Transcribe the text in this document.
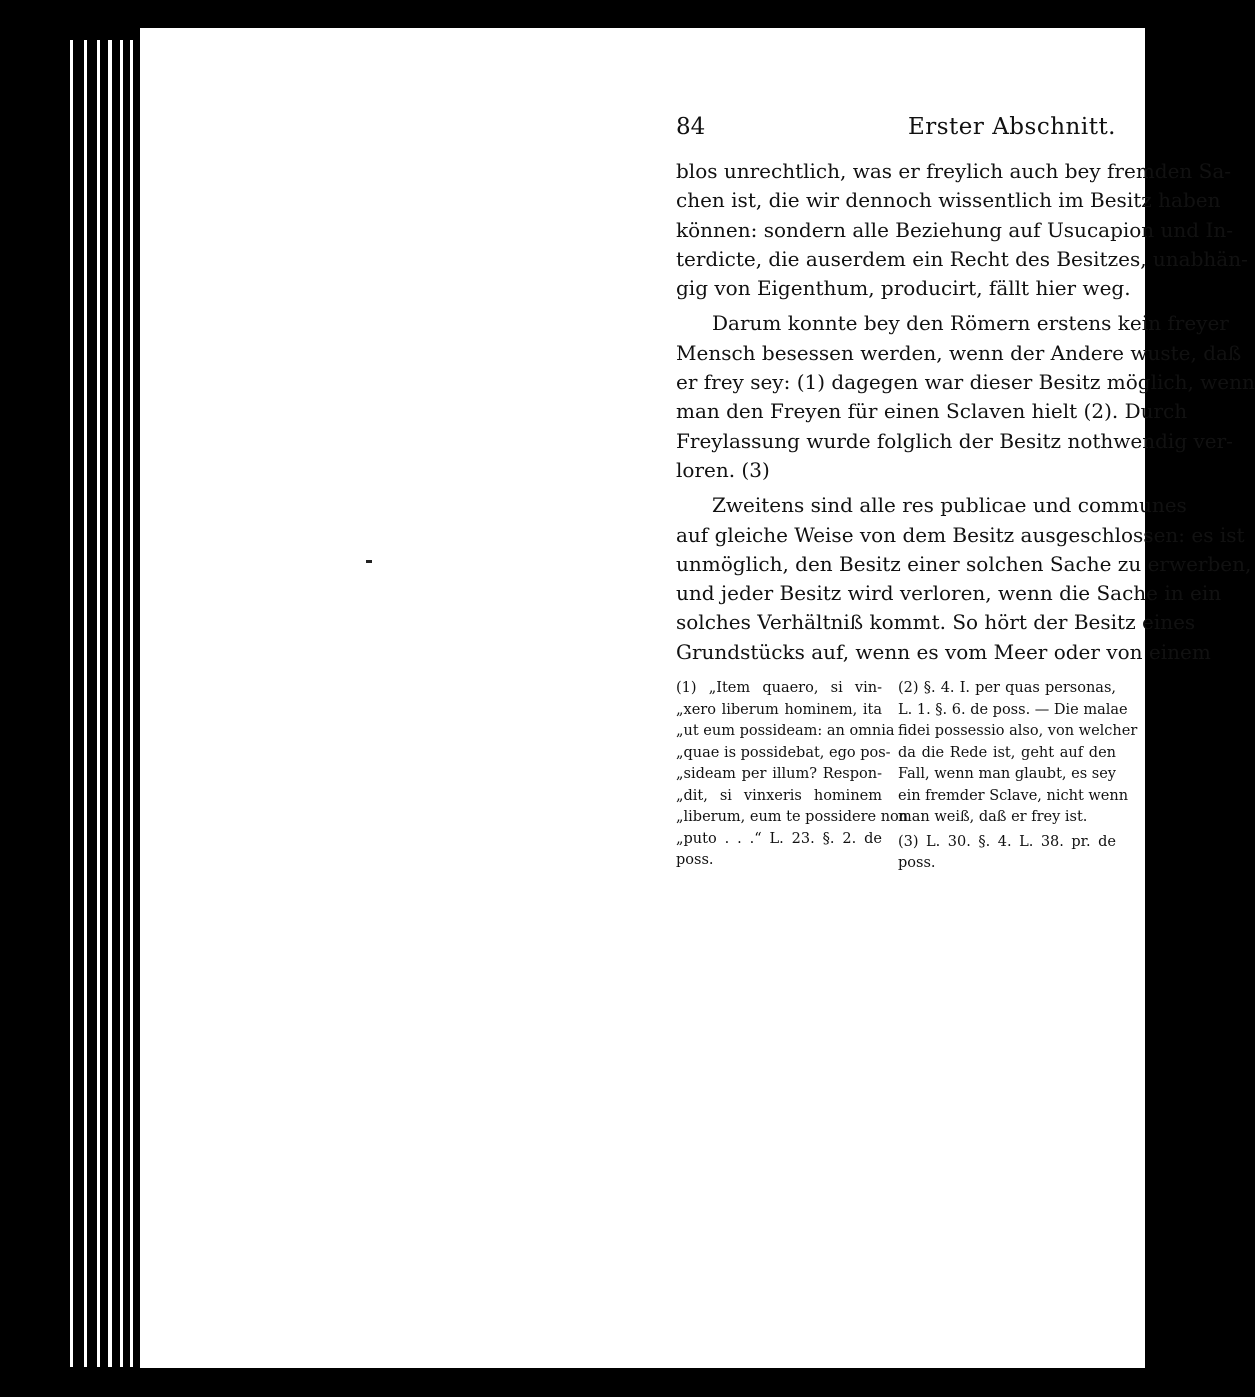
84	Erster Abschnitt.
blos unrechtlich, was er freylich auch bey fremden Sa-
chen ist, die wir dennoch wissentlich im Besitz haben
können: sondern alle Beziehung auf Usucapion und In-
terdicte, die auserdem ein Recht des Besitzes, unabhän-
gig von Eigenthum, producirt, fällt hier weg.
Darum konnte bey den Römern erstens kein freyer
Mensch besessen werden, wenn der Andere wuste, daß
er frey sey: (1) dagegen war dieser Besitz möglich, wenn
man den Freyen für einen Sclaven hielt (2). Durch
Freylassung wurde folglich der Besitz nothwendig ver-
loren. (3)
Zweitens sind alle res publicae und communes
auf gleiche Weise von dem Besitz ausgeschlossen: es ist
unmöglich, den Besitz einer solchen Sache zu erwerben,
und jeder Besitz wird verloren, wenn die Sache in ein
solches Verhältniß kommt. So hört der Besitz eines
Grundstücks auf, wenn es vom Meer oder von einem
(1) „Item quaero, si vin-
„xero liberum hominem, ita
„ut eum possideam: an omnia
„quae is possidebat, ego pos-
„sideam per illum? Respon-
„dit, si vinxeris hominem
„liberum, eum te possidere non
„puto . . .“ L. 23. §. 2. de
poss.
(2) §. 4. I. per quas personas,
L. 1. §. 6. de poss. — Die malae
fidei possessio also, von welcher
da die Rede ist, geht auf den
Fall, wenn man glaubt, es sey
ein fremder Sclave, nicht wenn
man weiß, daß er frey ist.
(3) L. 30. §. 4. L. 38. pr. de
poss.
